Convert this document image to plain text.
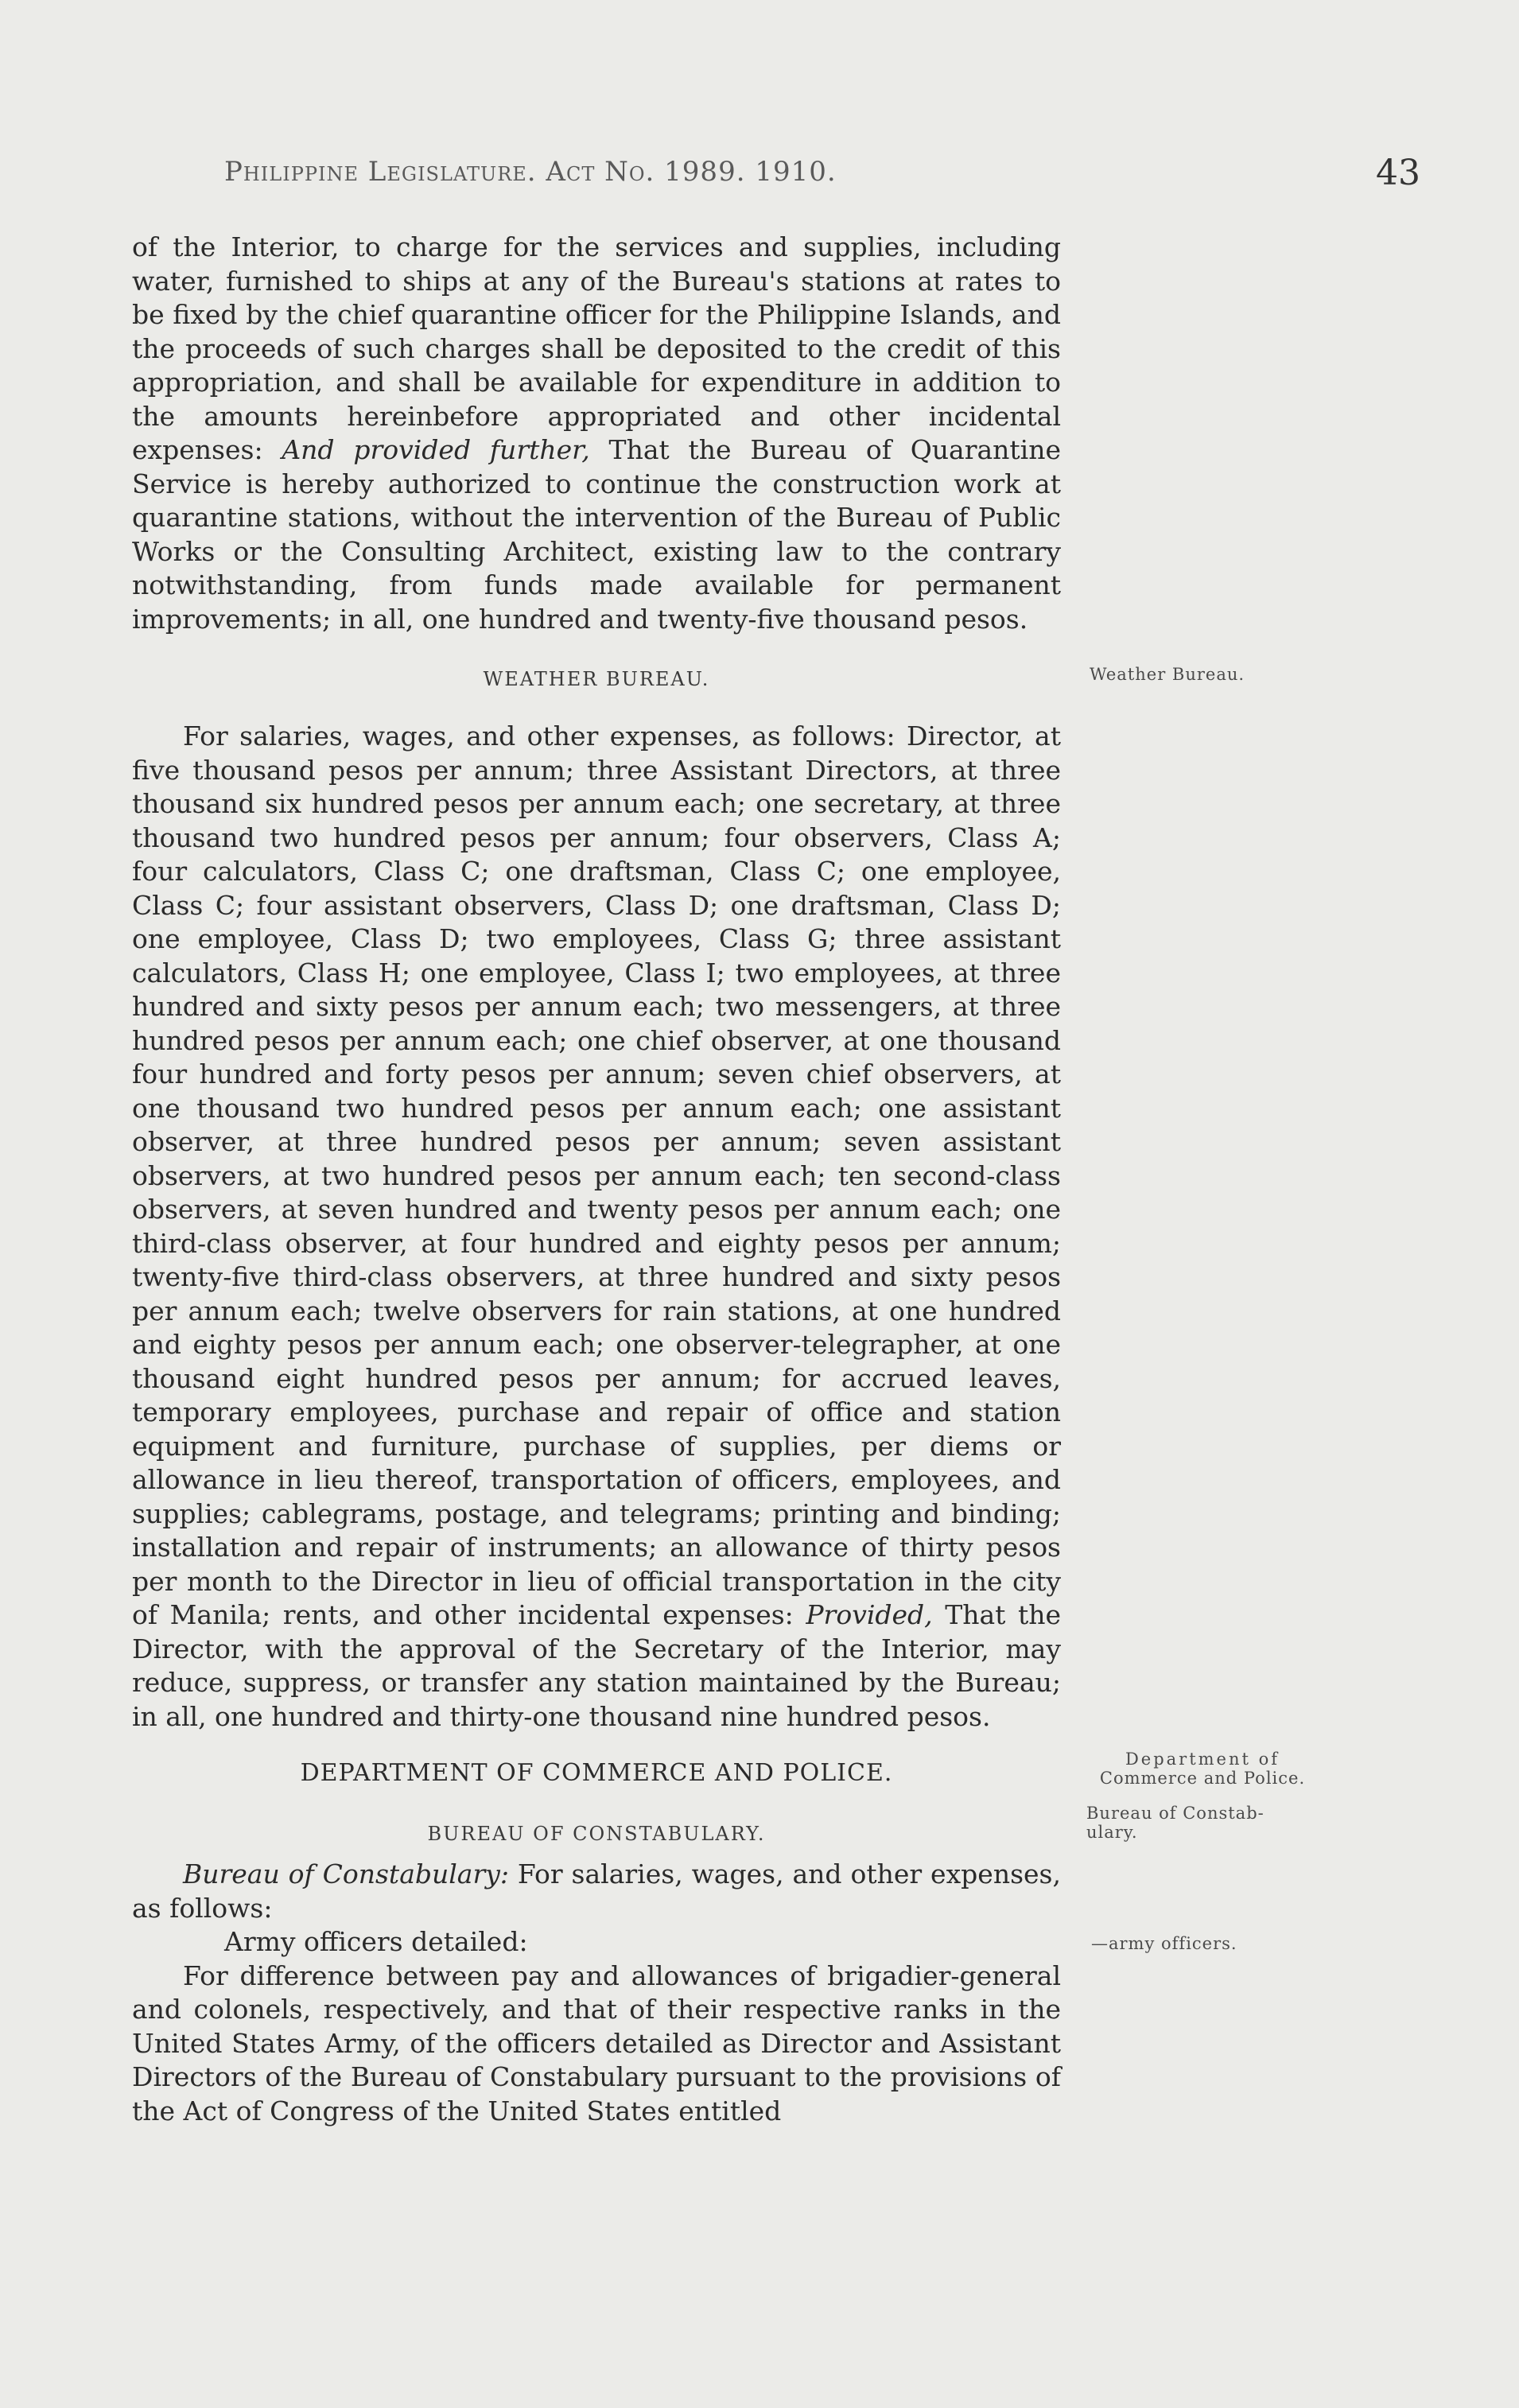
Philippine Legislature. Act No. 1989. 1910.	43

of the Interior, to charge for the services and supplies, including water, furnished to ships at any of the Bureau's stations at rates to be fixed by the chief quarantine officer for the Philippine Islands, and the proceeds of such charges shall be deposited to the credit of this appropriation, and shall be available for expenditure in addition to the amounts hereinbefore appropriated and other incidental expenses: And provided further, That the Bureau of Quarantine Service is hereby authorized to continue the construction work at quarantine stations, without the intervention of the Bureau of Public Works or the Consulting Architect, existing law to the contrary notwithstanding, from funds made available for permanent improvements; in all, one hundred and twenty-five thousand pesos.

WEATHER BUREAU.	Weather Bureau.

For salaries, wages, and other expenses, as follows: Director, at five thousand pesos per annum; three Assistant Directors, at three thousand six hundred pesos per annum each; one secretary, at three thousand two hundred pesos per annum; four observers, Class A; four calculators, Class C; one draftsman, Class C; one employee, Class C; four assistant observers, Class D; one draftsman, Class D; one employee, Class D; two employees, Class G; three assistant calculators, Class H; one employee, Class I; two employees, at three hundred and sixty pesos per annum each; two messengers, at three hundred pesos per annum each; one chief observer, at one thousand four hundred and forty pesos per annum; seven chief observers, at one thousand two hundred pesos per annum each; one assistant observer, at three hundred pesos per annum; seven assistant observers, at two hundred pesos per annum each; ten second-class observers, at seven hundred and twenty pesos per annum each; one third-class observer, at four hundred and eighty pesos per annum; twenty-five third-class observers, at three hundred and sixty pesos per annum each; twelve observers for rain stations, at one hundred and eighty pesos per annum each; one observer-telegrapher, at one thousand eight hundred pesos per annum; for accrued leaves, temporary employees, purchase and repair of office and station equipment and furniture, purchase of supplies, per diems or allowance in lieu thereof, transportation of officers, employees, and supplies; cablegrams, postage, and telegrams; printing and binding; installation and repair of instruments; an allowance of thirty pesos per month to the Director in lieu of official transportation in the city of Manila; rents, and other incidental expenses: Provided, That the Director, with the approval of the Secretary of the Interior, may reduce, suppress, or transfer any station maintained by the Bureau; in all, one hundred and thirty-one thousand nine hundred pesos.

DEPARTMENT OF COMMERCE AND POLICE.	Department of
Commerce and Police.
BUREAU OF CONSTABULARY.
Bureau of Constab-
ulary.

Bureau of Constabulary: For salaries, wages, and other expenses, as follows:

Army officers detailed:

For difference between pay and allowances of brigadier-general and colonels, respectively, and that of their respective ranks in the United States Army, of the officers detailed as Director and Assistant Directors of the Bureau of Constabulary pursuant to the provisions of the Act of Congress of the United States entitled

—army officers.
